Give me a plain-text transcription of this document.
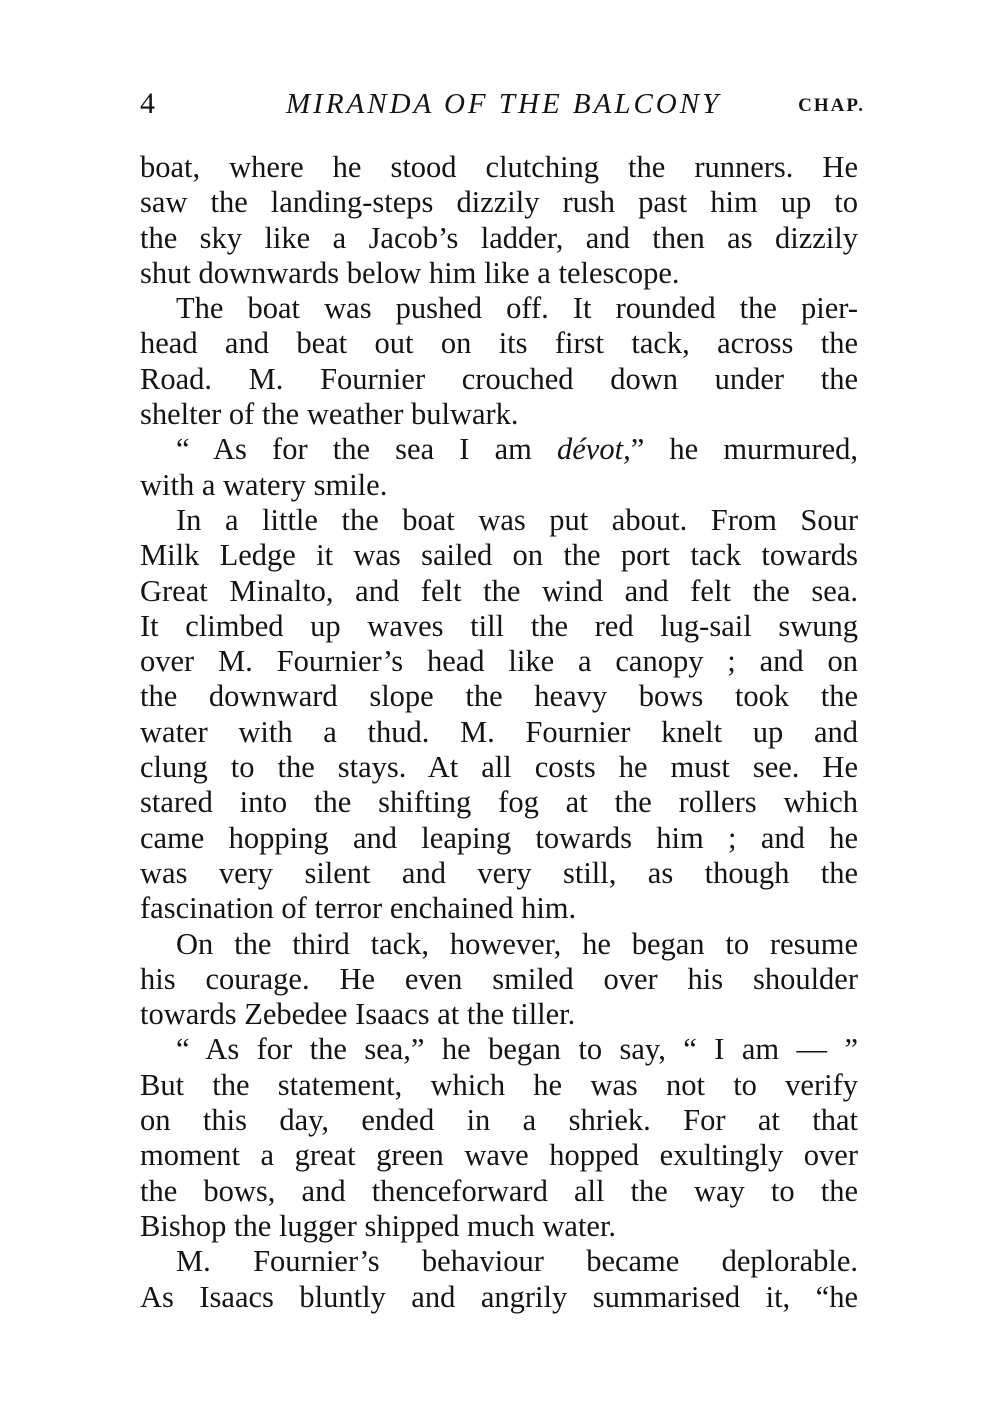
4	MIRANDA OF THE BALCONY	CHAP.
boat, where he stood clutching the runners. He
saw the landing-steps dizzily rush past him up to
the sky like a Jacob’s ladder, and then as dizzily
shut downwards below him like a telescope.
The boat was pushed off. It rounded the pier-
head and beat out on its first tack, across the
Road. M. Fournier crouched down under the
shelter of the weather bulwark.
“ As for the sea I am dévot,” he murmured,
with a watery smile.
In a little the boat was put about. From Sour
Milk Ledge it was sailed on the port tack towards
Great Minalto, and felt the wind and felt the sea.
It climbed up waves till the red lug-sail swung
over M. Fournier’s head like a canopy ; and on
the downward slope the heavy bows took the
water with a thud. M. Fournier knelt up and
clung to the stays. At all costs he must see. He
stared into the shifting fog at the rollers which
came hopping and leaping towards him ; and he
was very silent and very still, as though the
fascination of terror enchained him.
On the third tack, however, he began to resume
his courage. He even smiled over his shoulder
towards Zebedee Isaacs at the tiller.
“ As for the sea,” he began to say, “ I am — ”
But the statement, which he was not to verify
on this day, ended in a shriek. For at that
moment a great green wave hopped exultingly over
the bows, and thenceforward all the way to the
Bishop the lugger shipped much water.
M. Fournier’s behaviour became deplorable.
As Isaacs bluntly and angrily summarised it, “he
